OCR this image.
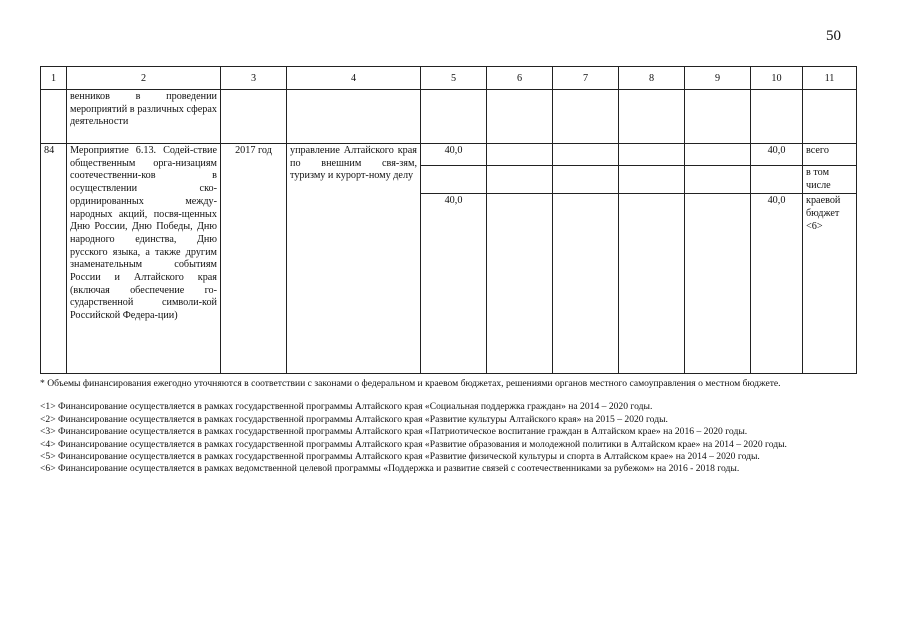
50
1	2	3	4	5	6	7	8	9	10	11
	венников в проведении мероприятий в различных сферах деятельности									
84	Мероприятие 6.13. Содей-ствие общественным орга-низациям соотечественни-ков в осуществлении ско-ординированных между-народных акций, посвя-щенных Дню России, Дню Победы, Дню народного единства, Дню русского языка, а также другим знаменательным событиям России и Алтайского края (включая обеспечение го-сударственной символи-кой Российской Федера-ции)	2017 год	управление Алтайского края по внешним свя-зям, туризму и курорт-ному делу	40,0					40,0	всего
										в том числе
				40,0					40,0	краевой бюджет <6>

* Объемы финансирования ежегодно уточняются в соответствии с законами о федеральном и краевом бюджетах, решениями органов местного самоуправления о местном бюджете.

<1> Финансирование осуществляется в рамках государственной программы Алтайского края «Социальная поддержка граждан» на 2014 – 2020 годы.

<2> Финансирование осуществляется в рамках государственной программы Алтайского края «Развитие культуры Алтайского края» на 2015 – 2020 годы.

<3> Финансирование осуществляется в рамках государственной программы Алтайского края «Патриотическое воспитание граждан в Алтайском крае» на 2016 – 2020 годы.

<4> Финансирование осуществляется в рамках государственной программы Алтайского края «Развитие образования и молодежной политики в Алтайском крае» на 2014 – 2020 годы.

<5> Финансирование осуществляется в рамках государственной программы Алтайского края «Развитие физической культуры и спорта в Алтайском крае» на 2014 – 2020 годы.

<6> Финансирование осуществляется в рамках ведомственной целевой программы «Поддержка и развитие связей с соотечественниками за рубежом» на 2016 - 2018 годы.
